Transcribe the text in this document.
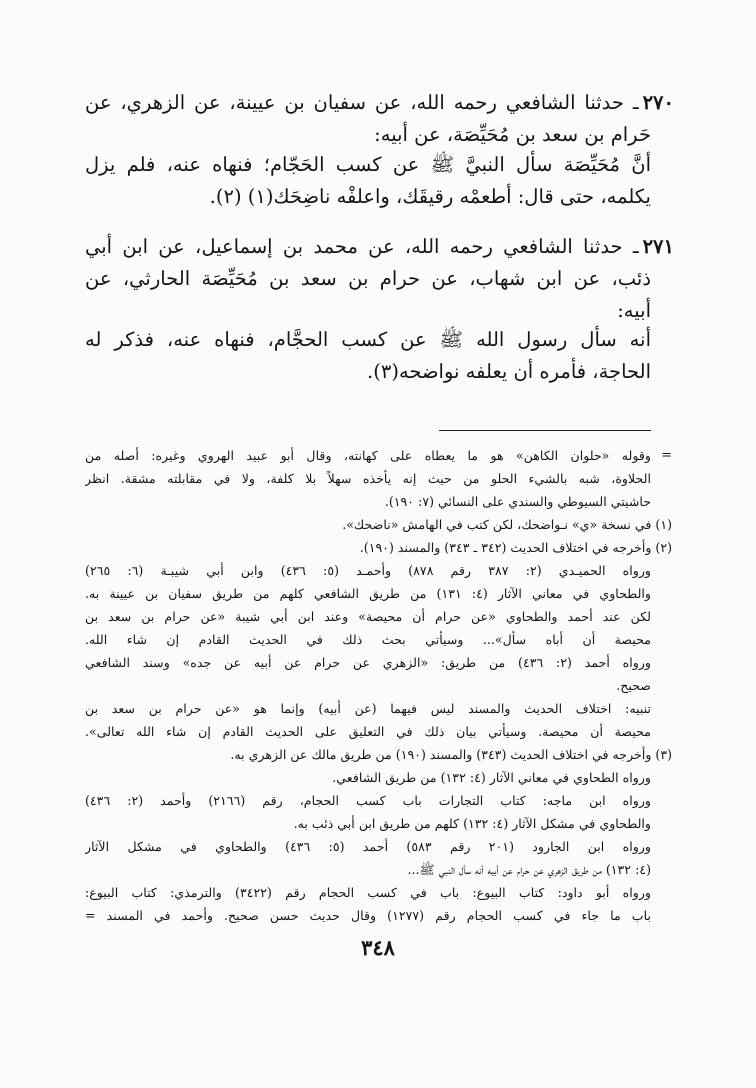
٢٧٠ـ حدثنا الشافعي رحمه الله، عن سفيان بن عيينة، عن الزهري، عن
حَرام بن سعد بن مُحَيِّصَة، عن أبيه:
أنَّ مُحَيِّصَة سأل النبيَّ ﷺ عن كسب الحَجّام؛ فنهاه عنه، فلم يزل
يكلمه، حتى قال: أطعمْه رقيقَك، واعلفْه ناضِحَك(١) (٢).
٢٧١ـ حدثنا الشافعي رحمه الله، عن محمد بن إسماعيل، عن ابن أبي
ذئب، عن ابن شهاب، عن حرام بن سعد بن مُحَيِّصَة الحارثي، عن
أبيه:
أنه سأل رسول الله ﷺ عن كسب الحجَّام، فنهاه عنه، فذكر له
الحاجة، فأمره أن يعلفه نواضحه(٣).
=
وقوله «حلوان الكاهن» هو ما يعطاه على كهانته، وقال أبو عبيد الهروي وغيره: أصله من
الحلاوة، شبه بالشيء الحلو من حيث إنه يأخذه سهلاً بلا كلفة، ولا في مقابلته مشقة. انظر
حاشيتي السيوطي والسندي على النسائي (٧: ١٩٠).
(١) في نسخة «ي» نـواضحك، لكن كتب في الهامش «ناضحك».
(٢) وأخرجه في اختلاف الحديث (٣٤٢ ـ ٣٤٣) والمسند (١٩٠).
ورواه الحميـدي (٢: ٣٨٧ رقم ٨٧٨) وأحمـد (٥: ٤٣٦) وابن أبي شيبـة (٦: ٢٦٥)
والطحاوي في معاني الآثار (٤: ١٣١) من طريق الشافعي كلهم من طريق سفيان بن عيينة به.
لكن عند أحمد والطحاوي «عن حرام أن محيصة» وعند ابن أبي شيبة «عن حرام بن سعد بن
محيصة أن أباه سأل»... وسيأتي بحث ذلك في الحديث القادم إن شاء الله.
ورواه أحمد (٢: ٤٣٦) من طريق: «الزهري عن حرام عن أبيه عن جده» وسند الشافعي
صحيح.
تنبيه: اختلاف الحديث والمسند ليس فيهما (عن أبيه) وإنما هو «عن حرام بن سعد بن
محيصة أن محيصة. وسيأتي بيان ذلك في التعليق على الحديث القادم إن شاء الله تعالى».
(٣) وأخرجه في اختلاف الحديث (٣٤٣) والمسند (١٩٠) من طريق مالك عن الزهري به.
ورواه الطحاوي في معاني الآثار (٤: ١٣٢) من طريق الشافعي.
ورواه ابن ماجه: كتاب التجارات باب كسب الحجام، رقم (٢١٦٦) وأحمد (٢: ٤٣٦)
والطحاوي في مشكل الآثار (٤: ١٣٢) كلهم من طريق ابن أبي ذئب به.
ورواه ابن الجارود (٢٠١ رقم ٥٨٣) أحمد (٥: ٤٣٦) والطحاوي في مشكل الآثار
(٤: ١٣٢) من طريق الزهري عن حرام عن أبيه أنه سأل النبي ﷺ...
ورواه أبو داود: كتاب البيوع: باب في كسب الحجام رقم (٣٤٢٢) والترمذي: كتاب البيوع:
باب ما جاء في كسب الحجام رقم (١٢٧٧) وقال حديث حسن صحيح. وأحمد في المسند =
٣٤٨
